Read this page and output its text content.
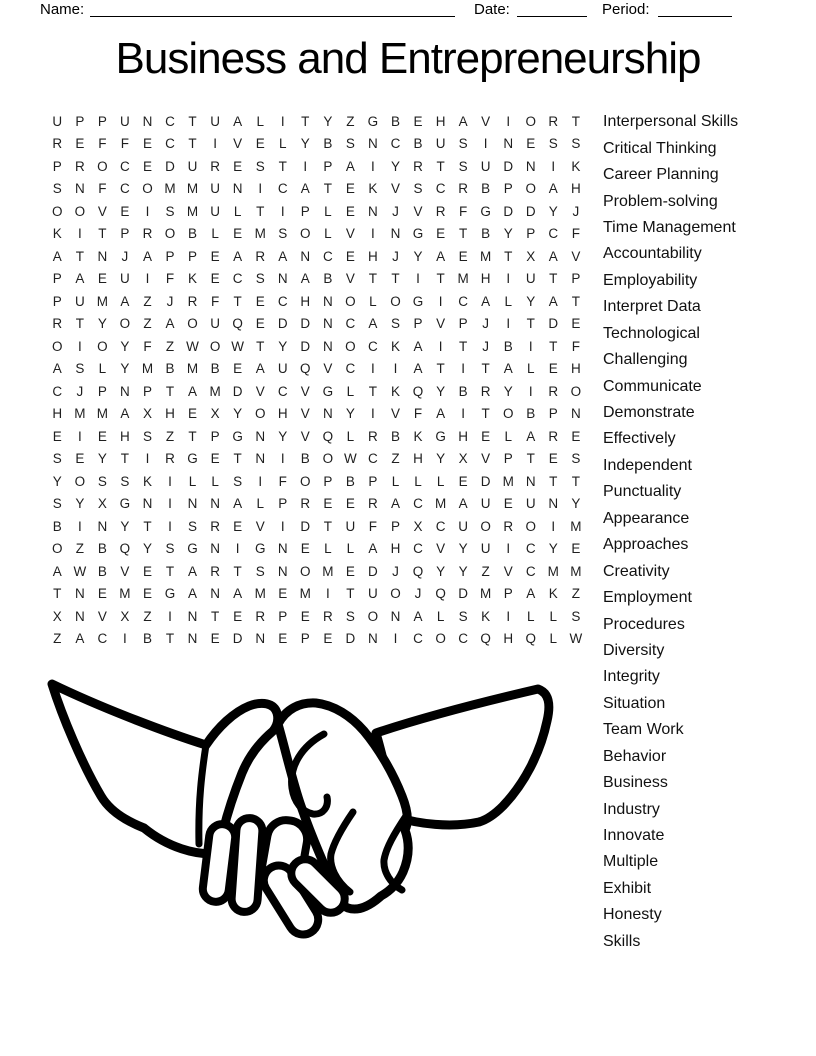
Name:	Date:	Period:
Business and Entrepreneurship
U P	P U N C	T	U A	L	I	T	Y	Z G B	E H A	V	I	O R	T
R E	F	F	E C	T	I	V	E	L	Y	B	S N C B U S	I	N E	S	S
P R O C E D U R E	S	T	I	P	A	I	Y R	T	S U D N	I	K
S N	F	C O M M U N	I	C A	T	E	K	V	S C R B	P O A H
O O V	E	I	S M U	L	T	I	P	L	E N	J	V R	F G D D Y	J
K	I	T	P R O B	L	E M S O	L	V	I	N G E	T	B	Y	P C	F
A	T	N	J	A	P	P	E	A R A N C E H	J	Y	A	E M T	X	A	V
P	A	E U	I	F	K	E C S N A	B	V	T	T	I	T M H	I	U	T	P
P U M A	Z	J	R	F	T	E C H N O	L	O G	I	C A	L	Y	A	T
R	T	Y O Z	A O U Q E D D N C A	S	P	V	P	J	I	T	D E
O	I	O Y	F	Z W O W T	Y D N O C K	A	I	T	J	B	I	T	F
A	S	L	Y M B M B	E	A U Q V C	I	I	A	T	I	T	A	L	E H
C	J	P N P	T	A M D V C V G	L	T	K Q Y	B R Y	I	R O
H M M A	X H E	X	Y O H V N Y	I	V	F	A	I	T O B	P N
E	I	E H S	Z	T	P G N Y	V Q	L	R B	K G H E	L	A R E
S	E	Y	T	I	R G E	T	N	I	B O W C	Z	H Y	X	V	P	T	E	S
Y O S	S	K	I	L	L	S	I	F O P	B	P	L	L	L	E D M N	T	T
S	Y	X G N	I	N N A	L	P R E	E R A C M A U E U N Y
B	I	N Y	T	I	S R E	V	I	D	T	U	F	P	X C U O R O	I	M
O Z	B Q Y	S G N	I	G N E	L	L	A H C V	Y U	I	C Y	E
A W B	V	E	T	A R	T	S N O M E D	J	Q Y	Y	Z	V C M M
T	N E M E G A N A M E M	I	T	U O	J	Q D M P	A	K	Z
X N V	X	Z	I	N	T	E R P	E R S O N A	L	S	K	I	L	L	S
Z	A C	I	B	T	N E D N E	P	E D N	I	C O C Q H Q	L W
Interpersonal Skills
Critical Thinking
Career Planning
Problem-solving
Time Management
Accountability
Employability
Interpret Data
Technological
Challenging
Communicate
Demonstrate
Effectively
Independent
Punctuality
Appearance
Approaches
Creativity
Employment
Procedures
Diversity
Integrity
Situation
Team Work
Behavior
Business
Industry
Innovate
Multiple
Exhibit
Honesty
Skills
